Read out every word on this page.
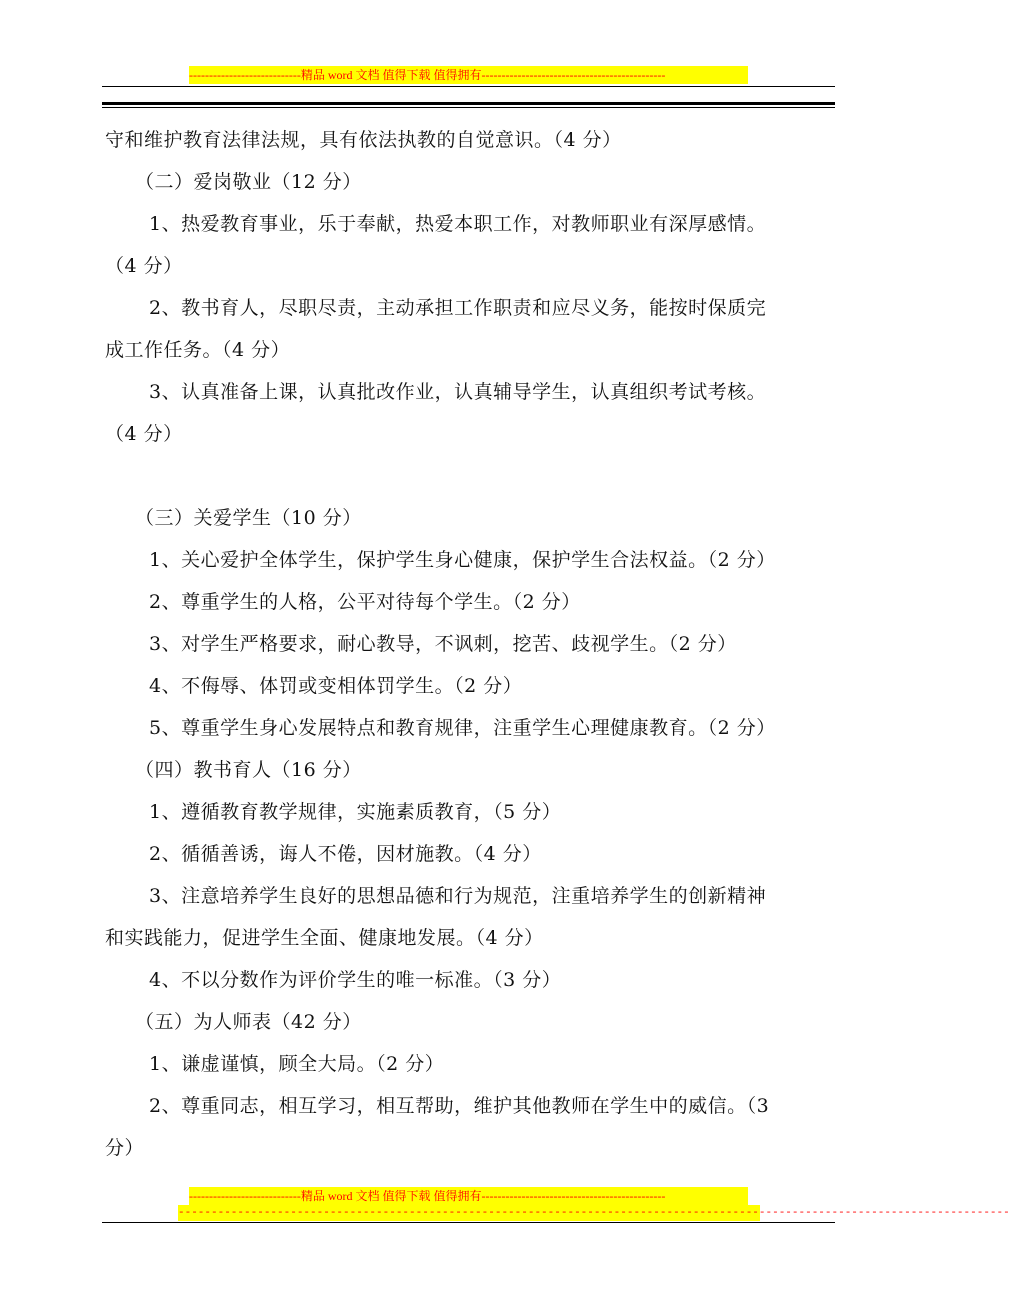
----------------------------精品 word 文档 值得下载 值得拥有----------------------------------------------
守和维护教育法律法规，具有依法执教的自觉意识。（4 分）
（二）爱岗敬业（12 分）
1、热爱教育事业，乐于奉献，热爱本职工作，对教师职业有深厚感情。
（4 分）
2、教书育人，尽职尽责，主动承担工作职责和应尽义务，能按时保质完
成工作任务。（4 分）
3、认真准备上课，认真批改作业，认真辅导学生，认真组织考试考核。
（4 分）
（三）关爱学生（10 分）
1、关心爱护全体学生，保护学生身心健康，保护学生合法权益。（2 分）
2、尊重学生的人格，公平对待每个学生。（2 分）
3、对学生严格要求，耐心教导，不讽刺，挖苦、歧视学生。（2 分）
4、不侮辱、体罚或变相体罚学生。（2 分）
5、尊重学生身心发展特点和教育规律，注重学生心理健康教育。（2 分）
（四）教书育人（16 分）
1、遵循教育教学规律，实施素质教育，（5 分）
2、循循善诱，诲人不倦，因材施教。（4 分）
3、注意培养学生良好的思想品德和行为规范，注重培养学生的创新精神
和实践能力，促进学生全面、健康地发展。（4 分）
4、不以分数作为评价学生的唯一标准。（3 分）
（五）为人师表（42 分）
1、谦虚谨慎，顾全大局。（2 分）
2、尊重同志，相互学习，相互帮助，维护其他教师在学生中的威信。（3
分）
----------------------------精品 word 文档 值得下载 值得拥有----------------------------------------------
------------------------------------------------------------------------------------------------------------------------------
